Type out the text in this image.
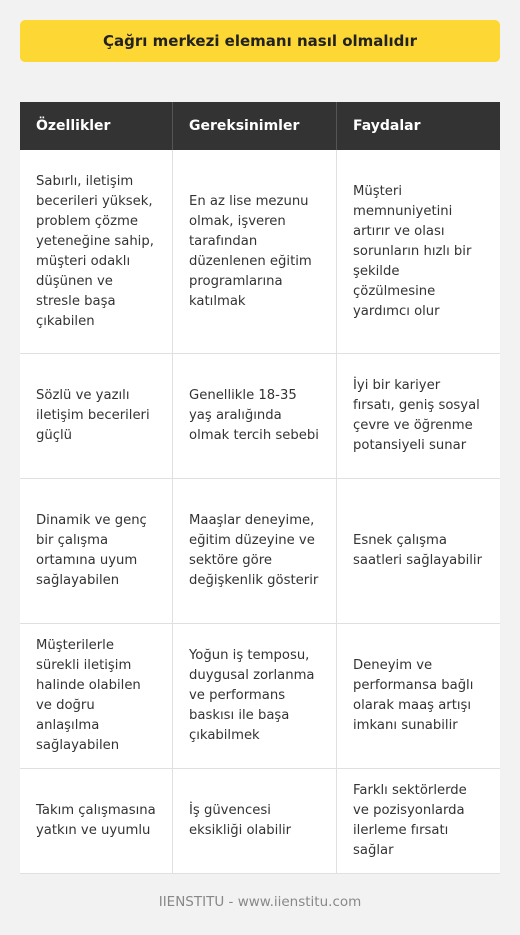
Çağrı merkezi elemanı nasıl olmalıdır
Özellikler	Gereksinimler	Faydalar
Sabırlı, iletişim becerileri yüksek, problem çözme yeteneğine sahip, müşteri odaklı düşünen ve stresle başa çıkabilen	En az lise mezunu olmak, işveren tarafından düzenlenen eğitim programlarına katılmak	Müşteri memnuniyetini artırır ve olası sorunların hızlı bir şekilde çözülmesine yardımcı olur
Sözlü ve yazılı iletişim becerileri güçlü	Genellikle 18-35 yaş aralığında olmak tercih sebebi	İyi bir kariyer fırsatı, geniş sosyal çevre ve öğrenme potansiyeli sunar
Dinamik ve genç bir çalışma ortamına uyum sağlayabilen	Maaşlar deneyime, eğitim düzeyine ve sektöre göre değişkenlik gösterir	Esnek çalışma saatleri sağlayabilir
Müşterilerle sürekli iletişim halinde olabilen ve doğru anlaşılma sağlayabilen	Yoğun iş temposu, duygusal zorlanma ve performans baskısı ile başa çıkabilmek	Deneyim ve performansa bağlı olarak maaş artışı imkanı sunabilir
Takım çalışmasına yatkın ve uyumlu	İş güvencesi eksikliği olabilir	Farklı sektörlerde ve pozisyonlarda ilerleme fırsatı sağlar
IIENSTITU - www.iienstitu.com
